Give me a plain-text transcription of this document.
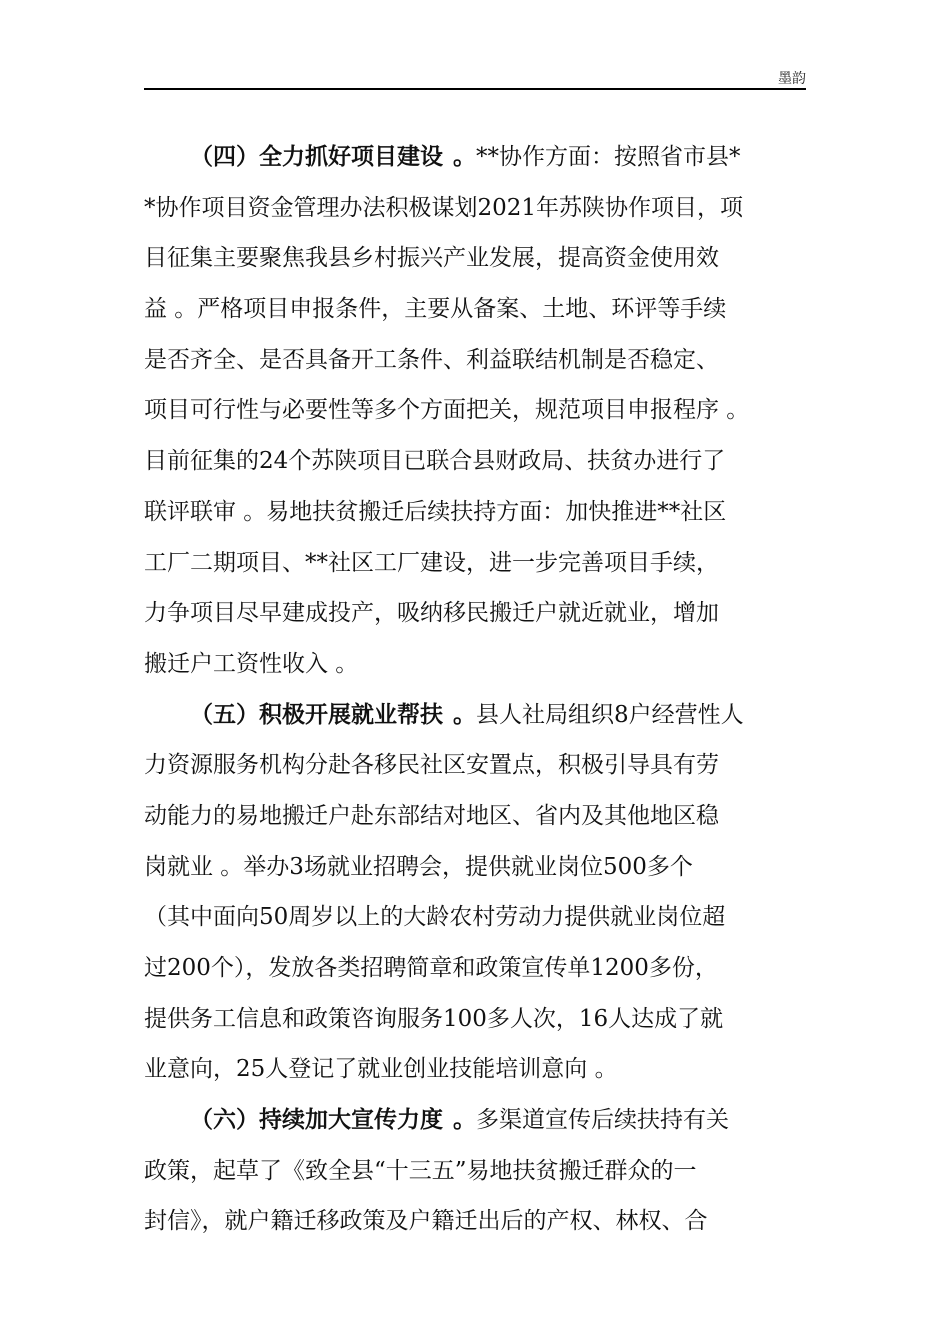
墨韵
（四）全力抓好项目建设 。**协作方面：按照省市县*
*协作项目资金管理办法积极谋划2021年苏陕协作项目，项
目征集主要聚焦我县乡村振兴产业发展，提高资金使用效
益 。严格项目申报条件，主要从备案、土地、环评等手续
是否齐全、是否具备开工条件、利益联结机制是否稳定、
项目可行性与必要性等多个方面把关，规范项目申报程序 。
目前征集的24个苏陕项目已联合县财政局、扶贫办进行了
联评联审 。易地扶贫搬迁后续扶持方面：加快推进**社区
工厂二期项目、**社区工厂建设，进一步完善项目手续，
力争项目尽早建成投产，吸纳移民搬迁户就近就业，增加
搬迁户工资性收入 。
（五）积极开展就业帮扶 。县人社局组织8户经营性人
力资源服务机构分赴各移民社区安置点，积极引导具有劳
动能力的易地搬迁户赴东部结对地区、省内及其他地区稳
岗就业 。举办3场就业招聘会，提供就业岗位500多个
（其中面向50周岁以上的大龄农村劳动力提供就业岗位超
过200个），发放各类招聘简章和政策宣传单1200多份，
提供务工信息和政策咨询服务100多人次，16人达成了就
业意向，25人登记了就业创业技能培训意向 。
（六）持续加大宣传力度 。多渠道宣传后续扶持有关
政策，起草了《致全县“十三五”易地扶贫搬迁群众的一
封信》，就户籍迁移政策及户籍迁出后的产权、林权、合
